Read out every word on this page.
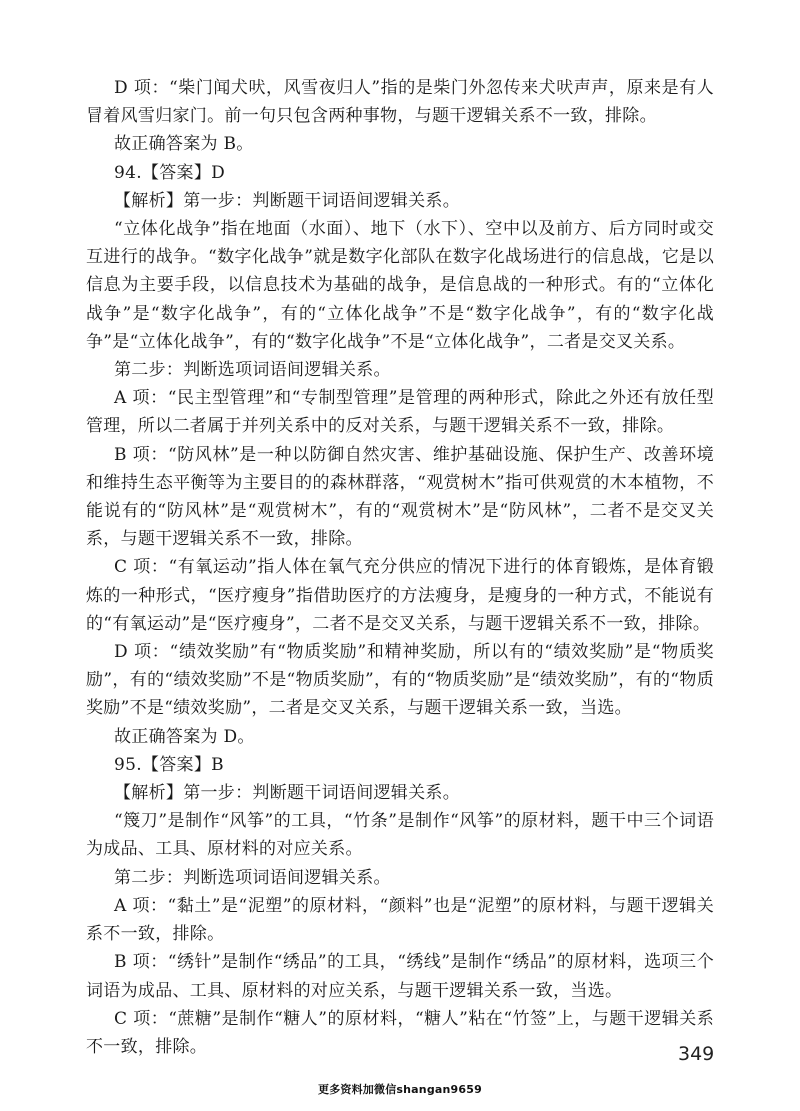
D 项：“柴门闻犬吠，风雪夜归人”指的是柴门外忽传来犬吠声声，原来是有人冒着风雪归家门。前一句只包含两种事物，与题干逻辑关系不一致，排除。

故正确答案为 B。

94.【答案】D

【解析】第一步：判断题干词语间逻辑关系。

“立体化战争”指在地面（水面）、地下（水下）、空中以及前方、后方同时或交互进行的战争。“数字化战争”就是数字化部队在数字化战场进行的信息战，它是以信息为主要手段，以信息技术为基础的战争，是信息战的一种形式。有的“立体化战争”是“数字化战争”，有的“立体化战争”不是“数字化战争”，有的“数字化战争”是“立体化战争”，有的“数字化战争”不是“立体化战争”，二者是交叉关系。

第二步：判断选项词语间逻辑关系。

A 项：“民主型管理”和“专制型管理”是管理的两种形式，除此之外还有放任型管理，所以二者属于并列关系中的反对关系，与题干逻辑关系不一致，排除。

B 项：“防风林”是一种以防御自然灾害、维护基础设施、保护生产、改善环境和维持生态平衡等为主要目的的森林群落，“观赏树木”指可供观赏的木本植物，不能说有的“防风林”是“观赏树木”，有的“观赏树木”是“防风林”，二者不是交叉关系，与题干逻辑关系不一致，排除。

C 项：“有氧运动”指人体在氧气充分供应的情况下进行的体育锻炼，是体育锻炼的一种形式，“医疗瘦身”指借助医疗的方法瘦身，是瘦身的一种方式，不能说有的“有氧运动”是“医疗瘦身”，二者不是交叉关系，与题干逻辑关系不一致，排除。

D 项：“绩效奖励”有“物质奖励”和精神奖励，所以有的“绩效奖励”是“物质奖励”，有的“绩效奖励”不是“物质奖励”，有的“物质奖励”是“绩效奖励”，有的“物质奖励”不是“绩效奖励”，二者是交叉关系，与题干逻辑关系一致，当选。

故正确答案为 D。

95.【答案】B

【解析】第一步：判断题干词语间逻辑关系。

“篾刀”是制作“风筝”的工具，“竹条”是制作“风筝”的原材料，题干中三个词语为成品、工具、原材料的对应关系。

第二步：判断选项词语间逻辑关系。

A 项：“黏土”是“泥塑”的原材料，“颜料”也是“泥塑”的原材料，与题干逻辑关系不一致，排除。

B 项：“绣针”是制作“绣品”的工具，“绣线”是制作“绣品”的原材料，选项三个词语为成品、工具、原材料的对应关系，与题干逻辑关系一致，当选。

C 项：“蔗糖”是制作“糖人”的原材料，“糖人”粘在“竹签”上，与题干逻辑关系不一致，排除。	349
更多资料加微信shangan9659
